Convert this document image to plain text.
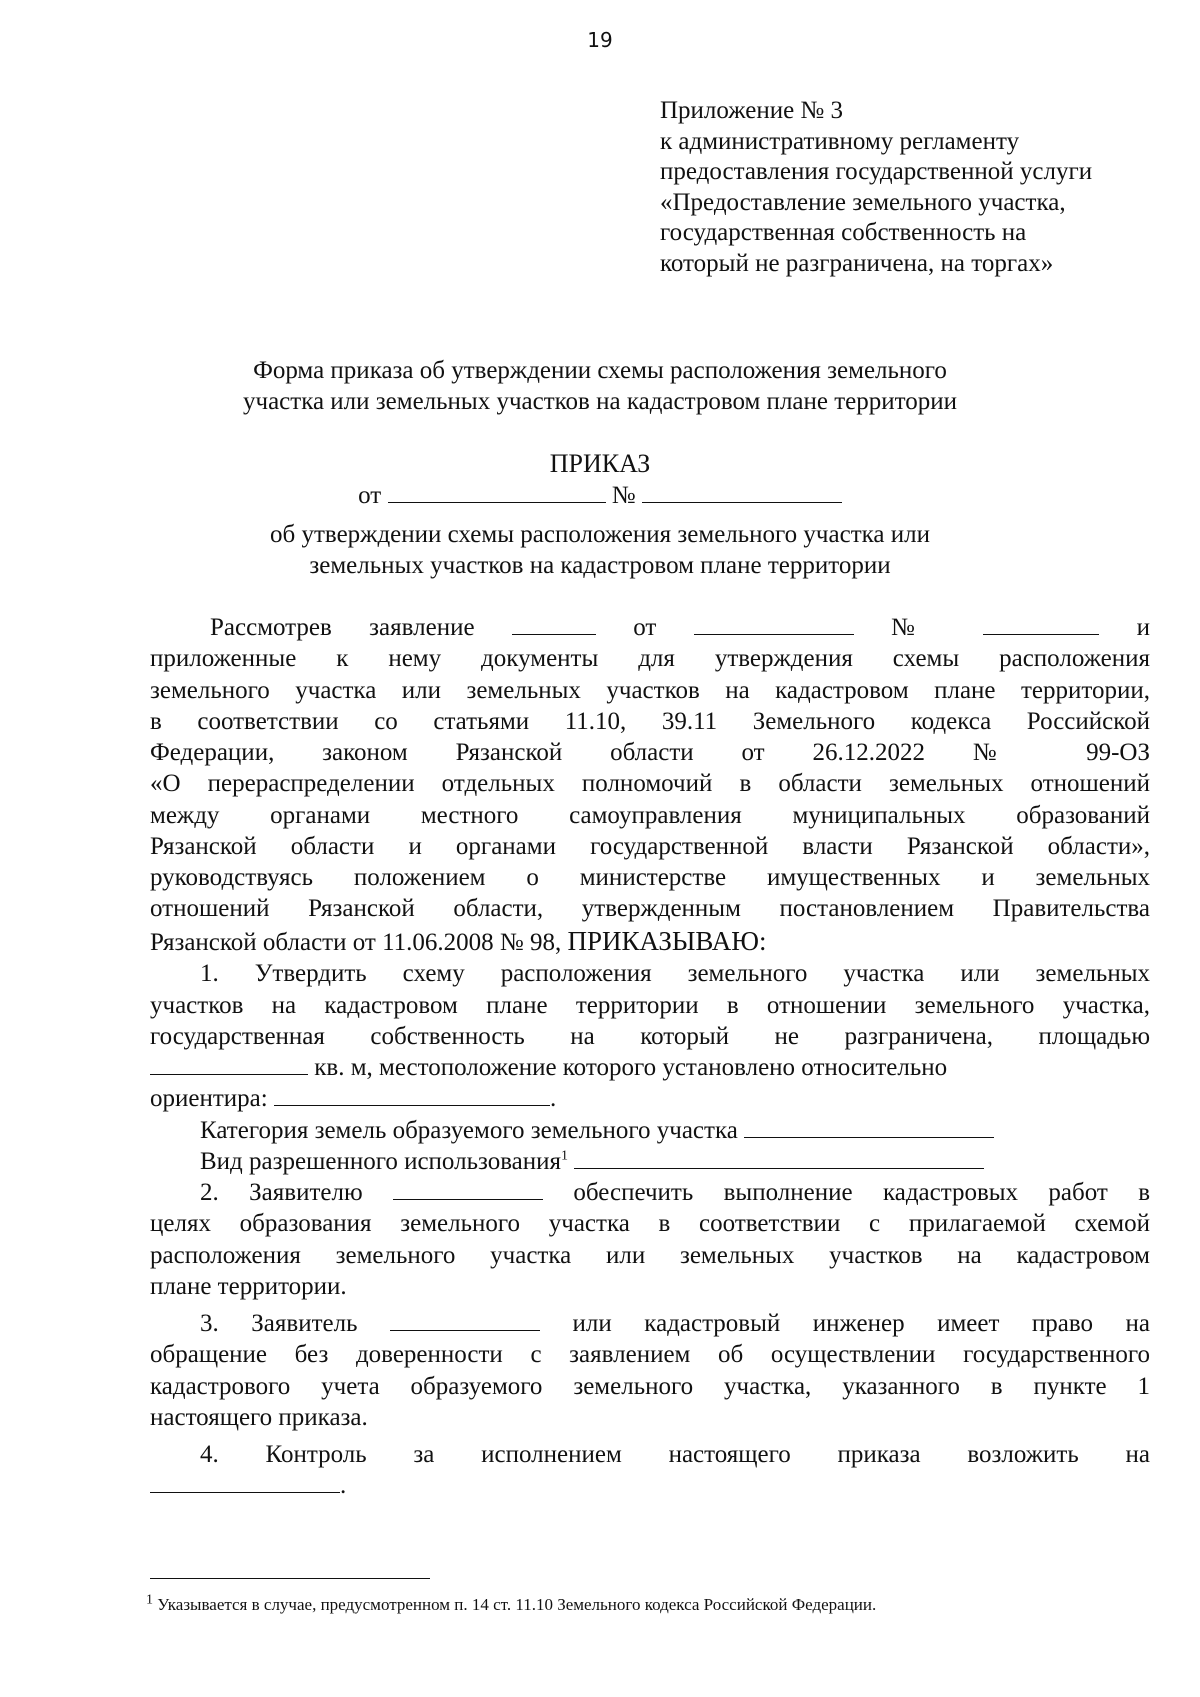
19
Приложение № 3
к административному регламенту
предоставления государственной услуги
«Предоставление земельного участка,
государственная собственность на
который не разграничена, на торгах»
Форма приказа об утверждении схемы расположения земельного
участка или земельных участков на кадастровом плане территории
ПРИКАЗ
от	№
об утверждении схемы расположения земельного участка или
земельных участков на кадастровом плане территории
Рассмотрев заявление	от	№	и
приложенные к нему документы для утверждения схемы расположения
земельного участка или земельных участков на кадастровом плане территории,
в соответствии со статьями 11.10, 39.11 Земельного кодекса Российской
Федерации, законом Рязанской области от 26.12.2022 № 99-ОЗ
«О перераспределении отдельных полномочий в области земельных отношений
между органами местного самоуправления муниципальных образований
Рязанской области и органами государственной власти Рязанской области»,
руководствуясь положением о министерстве имущественных и земельных
отношений Рязанской области, утвержденным постановлением Правительства
Рязанской области от 11.06.2008 № 98, ПРИКАЗЫВАЮ:
1. Утвердить схему расположения земельного участка или земельных
участков на кадастровом плане территории в отношении земельного участка,
государственная собственность на который не разграничена, площадью
кв. м, местоположение которого установлено относительно
ориентира:	.
Категория земель образуемого земельного участка
Вид разрешенного использования$^1$
2. Заявителю	обеспечить выполнение кадастровых работ в
целях образования земельного участка в соответствии с прилагаемой схемой
расположения земельного участка или земельных участков на кадастровом
плане территории.
3. Заявитель	или кадастровый инженер имеет право на
обращение без доверенности с заявлением об осуществлении государственного
кадастрового учета образуемого земельного участка, указанного в пункте 1
настоящего приказа.
4. Контроль за исполнением настоящего приказа возложить на
.
$^1$ Указывается в случае, предусмотренном п. 14 ст. 11.10 Земельного кодекса Российской Федерации.
